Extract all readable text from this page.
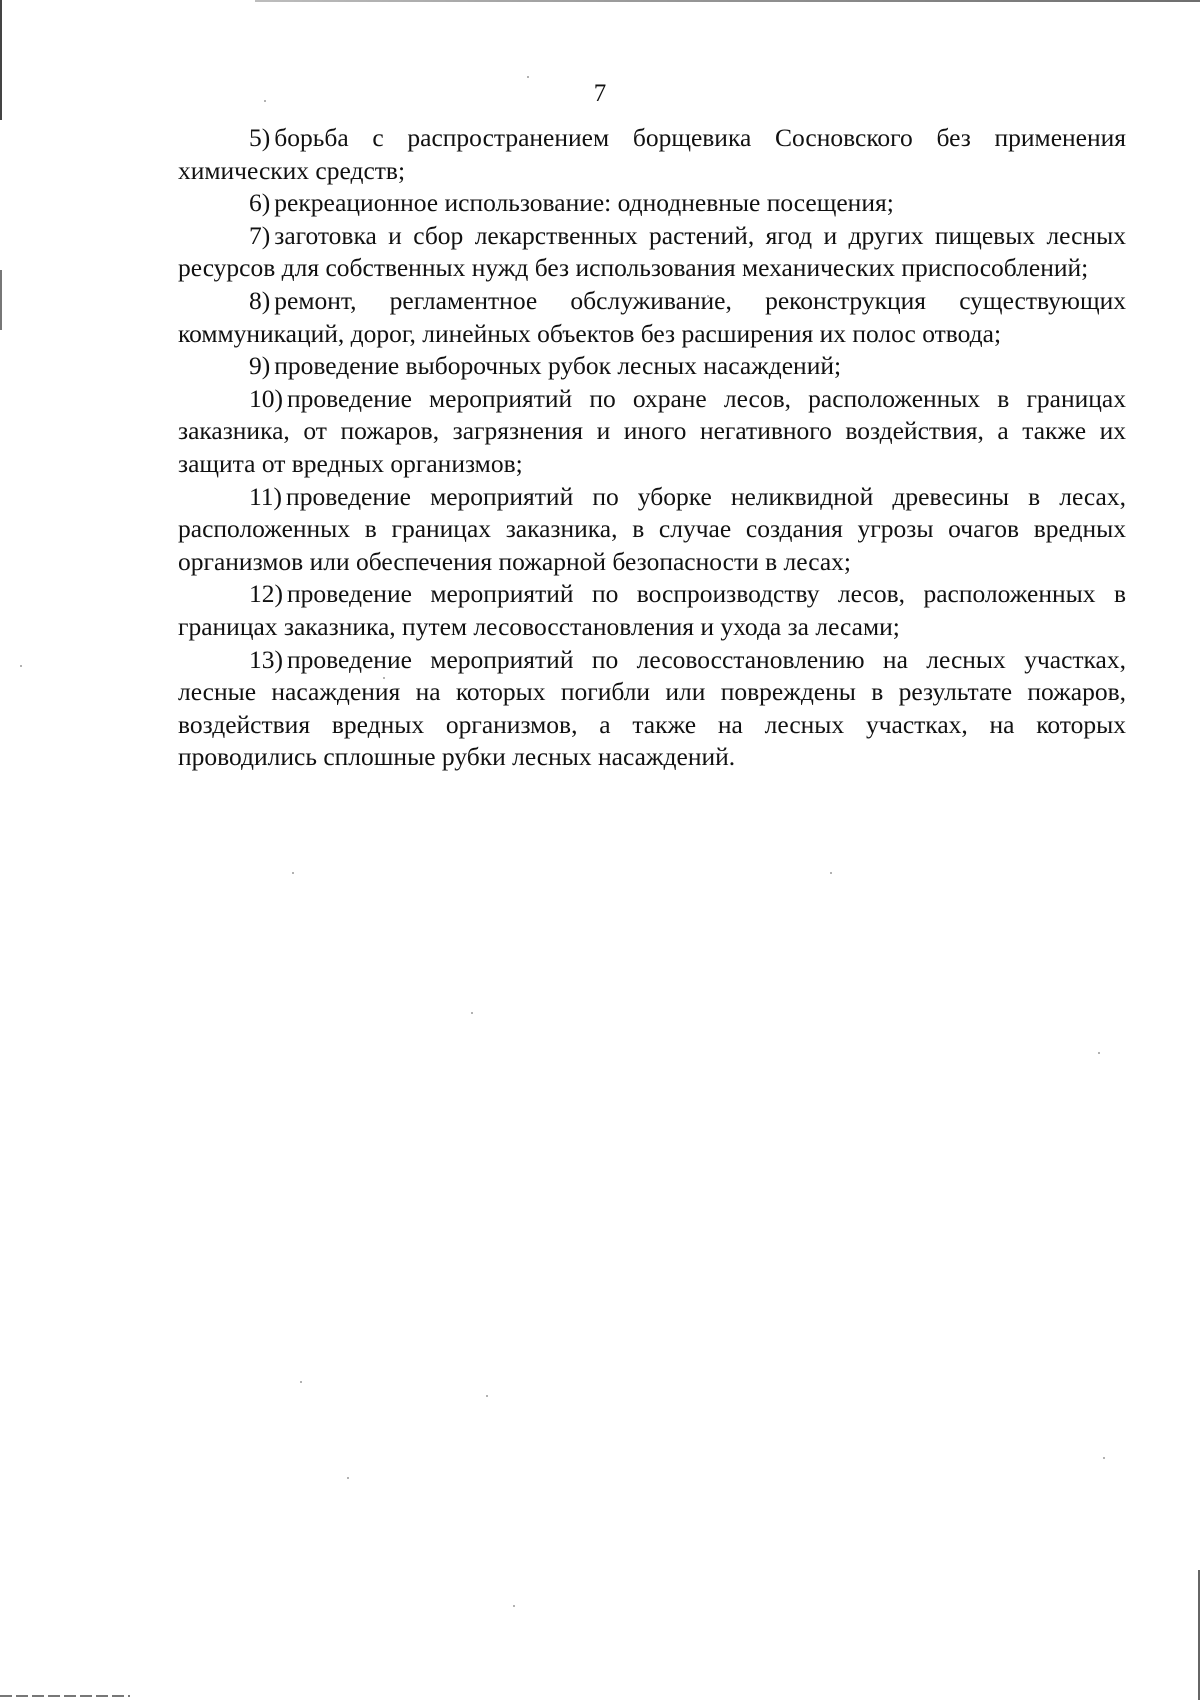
7

5) борьба с распространением борщевика Сосновского без применения химических средств;

6) рекреационное использование: однодневные посещения;

7) заготовка и сбор лекарственных растений, ягод и других пищевых лесных ресурсов для собственных нужд без использования механических приспособлений;

8) ремонт, регламентное обслуживание, реконструкция существующих коммуникаций, дорог, линейных объектов без расширения их полос отвода;

9) проведение выборочных рубок лесных насаждений;

10) проведение мероприятий по охране лесов, расположенных в границах заказника, от пожаров, загрязнения и иного негативного воздействия, а также их защита от вредных организмов;

11) проведение мероприятий по уборке неликвидной древесины в лесах, расположенных в границах заказника, в случае создания угрозы очагов вредных организмов или обеспечения пожарной безопасности в лесах;

12) проведение мероприятий по воспроизводству лесов, расположенных в границах заказника, путем лесовосстановления и ухода за лесами;

13) проведение мероприятий по лесовосстановлению на лесных участках, лесные насаждения на которых погибли или повреждены в результате пожаров, воздействия вредных организмов, а также на лесных участках, на которых проводились сплошные рубки лесных насаждений.
